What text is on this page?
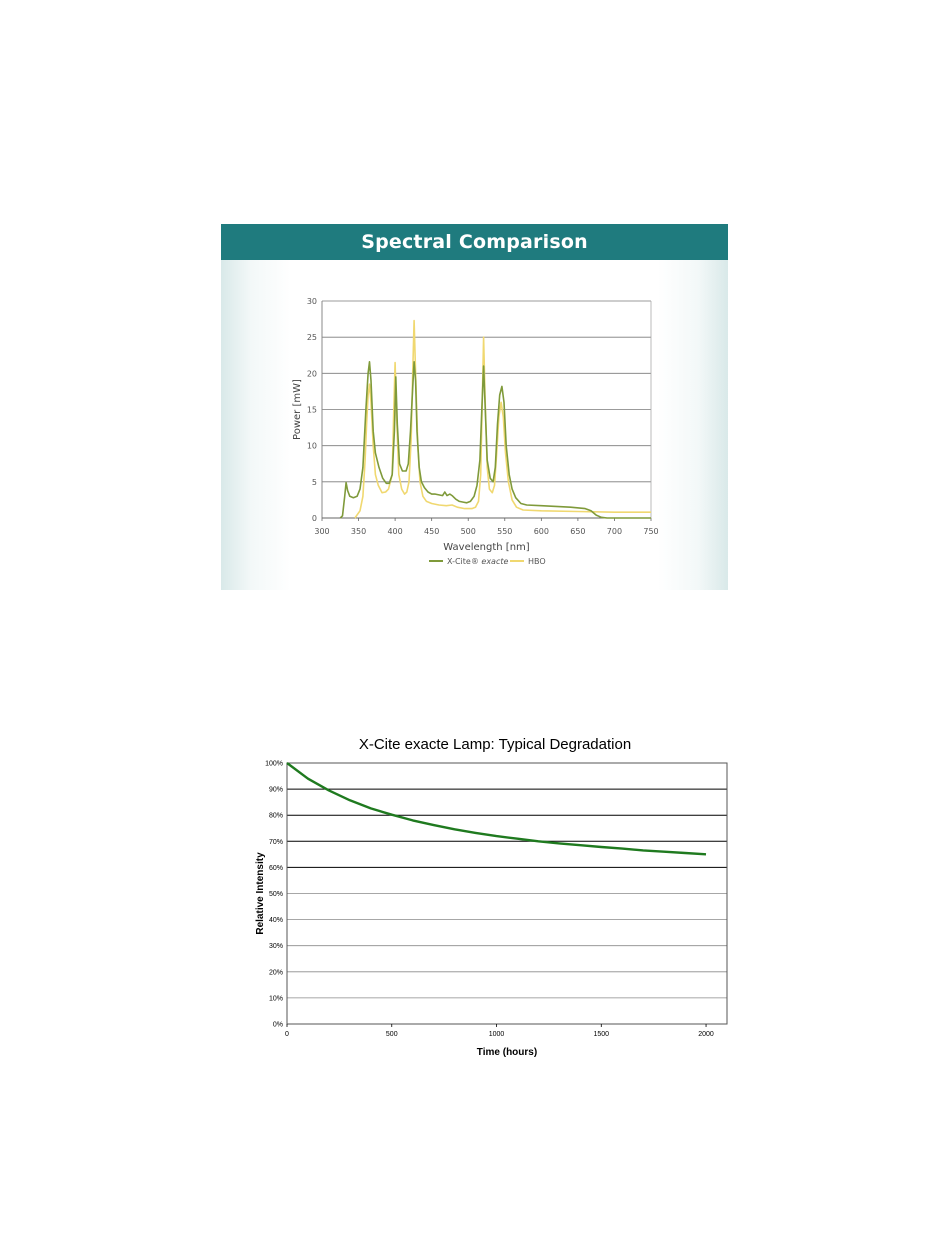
Spectral Comparison
0
5
10
15
20
25
30
300	350	400	450	500	550	600	650	700	750
Wavelength [nm]
Power [mW]
X-Cite® exacte HBO
X-Cite exacte Lamp: Typical Degradation
0%
10%
20%
30%
40%
50%
60%
70%
80%
90%
100%
0	500	1000	1500	2000
Time (hours)
Relative Intensity
